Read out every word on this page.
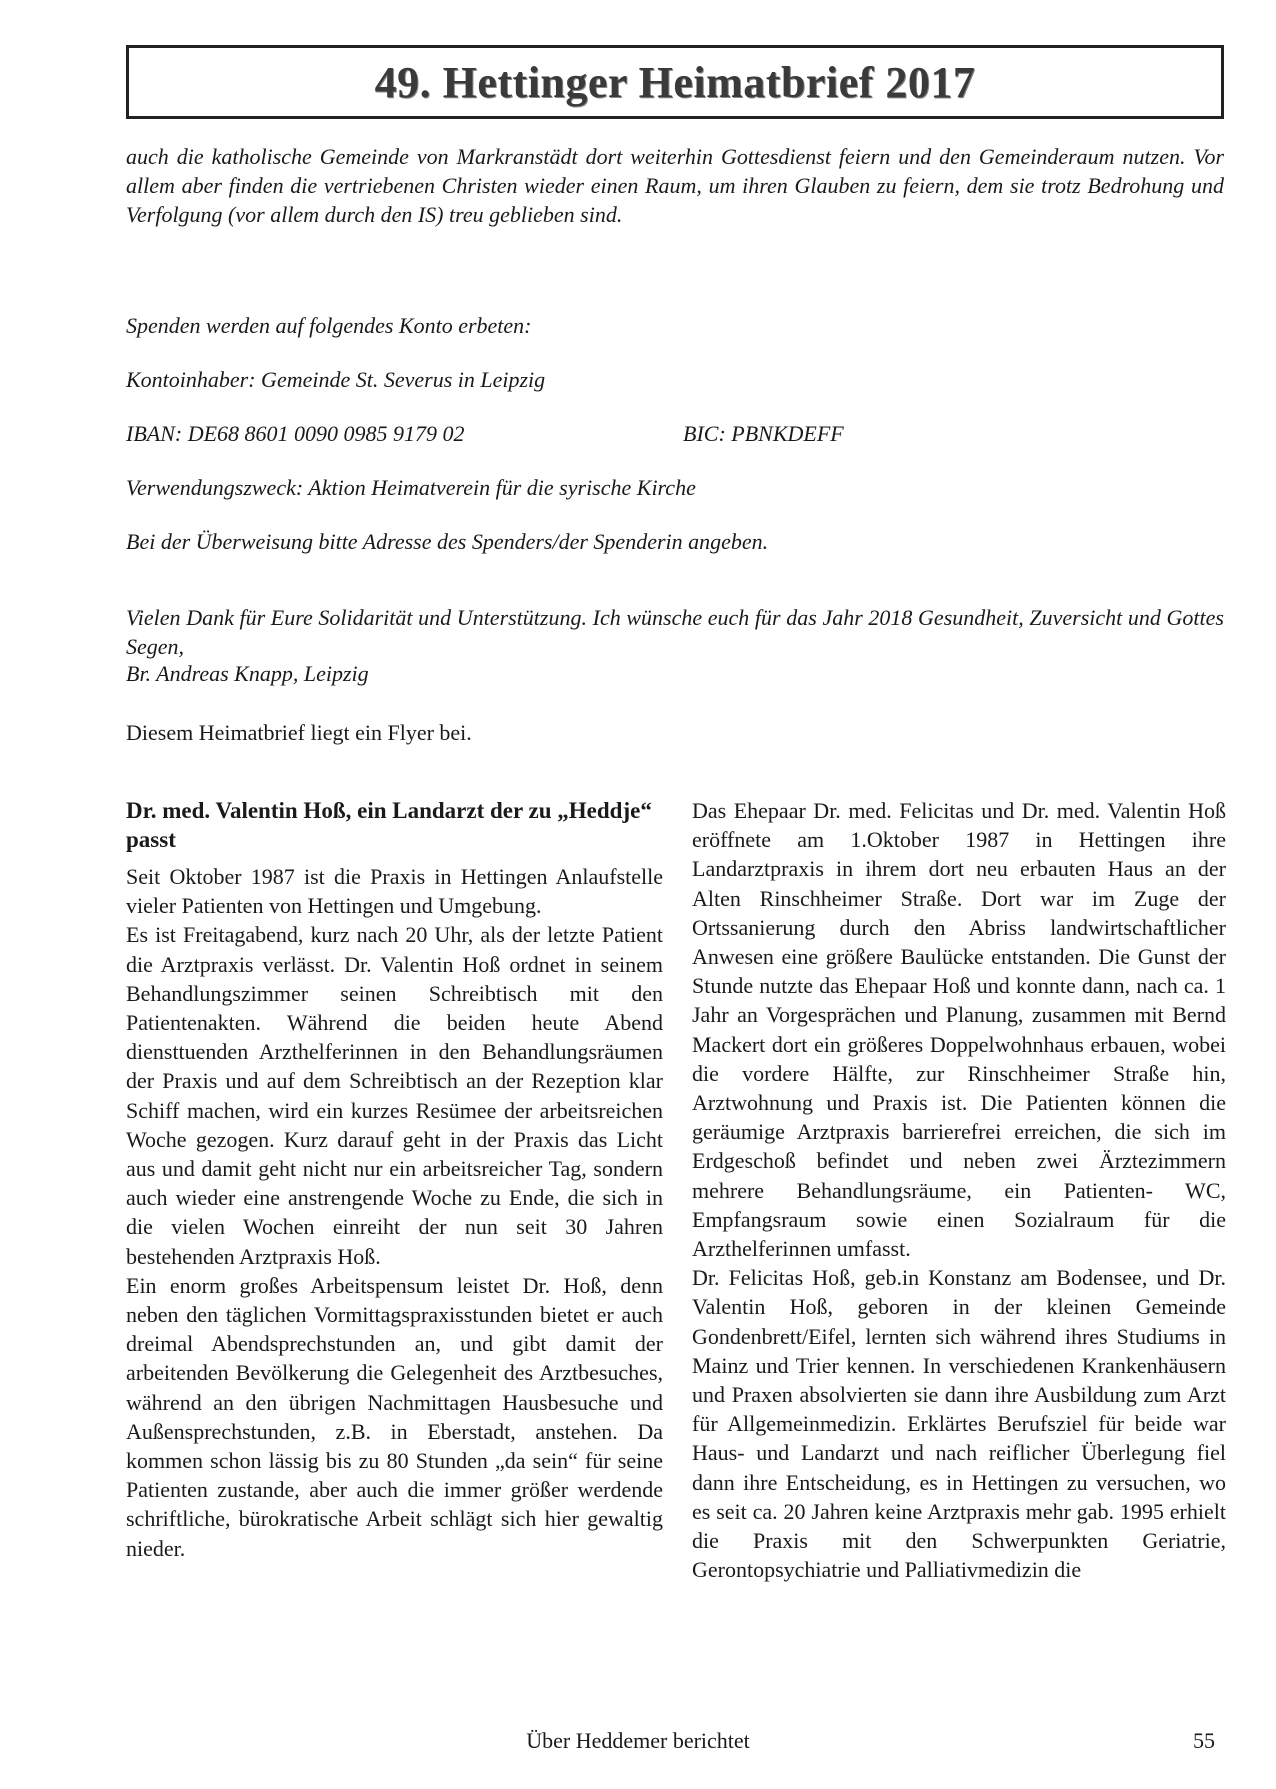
49. Hettinger Heimatbrief 2017
auch die katholische Gemeinde von Markranstädt dort weiterhin Gottesdienst feiern und den Gemeinderaum nutzen. Vor allem aber finden die vertriebenen Christen wieder einen Raum, um ihren Glauben zu feiern, dem sie trotz Bedrohung und Verfolgung (vor allem durch den IS) treu geblieben sind.
Spenden werden auf folgendes Konto erbeten:
Kontoinhaber: Gemeinde St. Severus in Leipzig
IBAN: DE68 8601 0090 0985 9179 02	BIC: PBNKDEFF
Verwendungszweck: Aktion Heimatverein für die syrische Kirche
Bei der Überweisung bitte Adresse des Spenders/der Spenderin angeben.
Vielen Dank für Eure Solidarität und Unterstützung. Ich wünsche euch für das Jahr 2018 Gesundheit, Zuversicht und Gottes Segen,
Br. Andreas Knapp, Leipzig
Diesem Heimatbrief liegt ein Flyer bei.
Dr. med. Valentin Hoß, ein Landarzt der zu „Heddje“ passt

Seit Oktober 1987 ist die Praxis in Hettingen Anlaufstelle vieler Patienten von Hettingen und Umgebung.

Es ist Freitagabend, kurz nach 20 Uhr, als der letzte Patient die Arztpraxis verlässt. Dr. Valentin Hoß ordnet in seinem Behandlungszimmer seinen Schreibtisch mit den Patientenakten. Während die beiden heute Abend diensttuenden Arzthelferinnen in den Behandlungsräumen der Praxis und auf dem Schreibtisch an der Rezeption klar Schiff machen, wird ein kurzes Resümee der arbeitsreichen Woche gezogen. Kurz darauf geht in der Praxis das Licht aus und damit geht nicht nur ein arbeitsreicher Tag, sondern auch wieder eine anstrengende Woche zu Ende, die sich in die vielen Wochen einreiht der nun seit 30 Jahren bestehenden Arztpraxis Hoß.

Ein enorm großes Arbeitspensum leistet Dr. Hoß, denn neben den täglichen Vormittagspraxisstunden bietet er auch dreimal Abendsprechstunden an, und gibt damit der arbeitenden Bevölkerung die Gelegenheit des Arztbesuches, während an den übrigen Nachmittagen Hausbesuche und Außensprechstunden, z.B. in Eberstadt, anstehen. Da kommen schon lässig bis zu 80 Stunden „da sein“ für seine Patienten zustande, aber auch die immer größer werdende schriftliche, bürokratische Arbeit schlägt sich hier gewaltig nieder.

Das Ehepaar Dr. med. Felicitas und Dr. med. Valentin Hoß eröffnete am 1.Oktober 1987 in Hettingen ihre Landarztpraxis in ihrem dort neu erbauten Haus an der Alten Rinschheimer Straße. Dort war im Zuge der Ortssanierung durch den Abriss landwirtschaftlicher Anwesen eine größere Baulücke entstanden. Die Gunst der Stunde nutzte das Ehepaar Hoß und konnte dann, nach ca. 1 Jahr an Vorgesprächen und Planung, zusammen mit Bernd Mackert dort ein größeres Doppelwohnhaus erbauen, wobei die vordere Hälfte, zur Rinschheimer Straße hin, Arztwohnung und Praxis ist. Die Patienten können die geräumige Arztpraxis barrierefrei erreichen, die sich im Erdgeschoß befindet und neben zwei Ärztezimmern mehrere Behandlungsräume, ein Patienten- WC, Empfangsraum sowie einen Sozialraum für die Arzthelferinnen umfasst.

Dr. Felicitas Hoß, geb.in Konstanz am Bodensee, und Dr. Valentin Hoß, geboren in der kleinen Gemeinde Gondenbrett/Eifel, lernten sich während ihres Studiums in Mainz und Trier kennen. In verschiedenen Krankenhäusern und Praxen absolvierten sie dann ihre Ausbildung zum Arzt für Allgemeinmedizin. Erklärtes Berufsziel für beide war Haus- und Landarzt und nach reiflicher Überlegung fiel dann ihre Entscheidung, es in Hettingen zu versuchen, wo es seit ca. 20 Jahren keine Arztpraxis mehr gab. 1995 erhielt die Praxis mit den Schwerpunkten Geriatrie, Gerontopsychiatrie und Palliativmedizin die

Über Heddemer berichtet	55
